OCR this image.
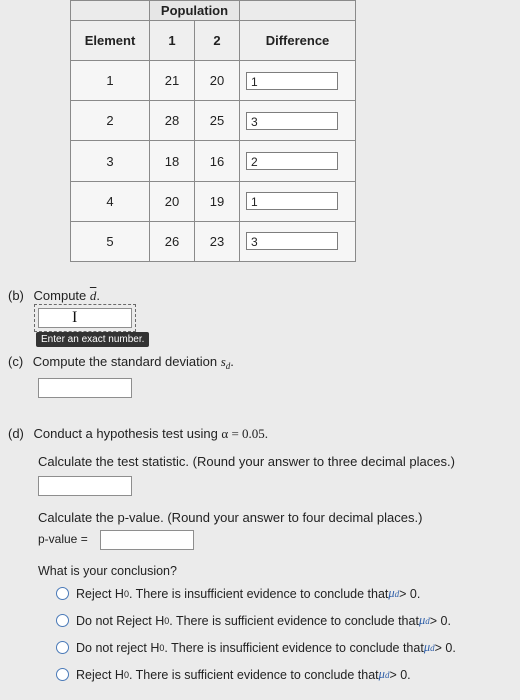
	Population		
Element	1	2	Difference
1	21	20	1

2	28	25	3

3	18	16	2

4	20	19	1

5	26	23	3
(b) Compute $\overline{d}$.
I
Enter an exact number.
(c) Compute the standard deviation $s_d$.
(d) Conduct a hypothesis test using α = 0.05.
Calculate the test statistic. (Round your answer to three decimal places.)
Calculate the p-value. (Round your answer to four decimal places.)
p-value =
What is your conclusion?
Reject H 0 . There is insufficient evidence to conclude that μ d > 0.
Do not Reject H 0 . There is sufficient evidence to conclude that μ d > 0.
Do not reject H 0 . There is insufficient evidence to conclude that μ d > 0.
Reject H 0 . There is sufficient evidence to conclude that μ d > 0.
